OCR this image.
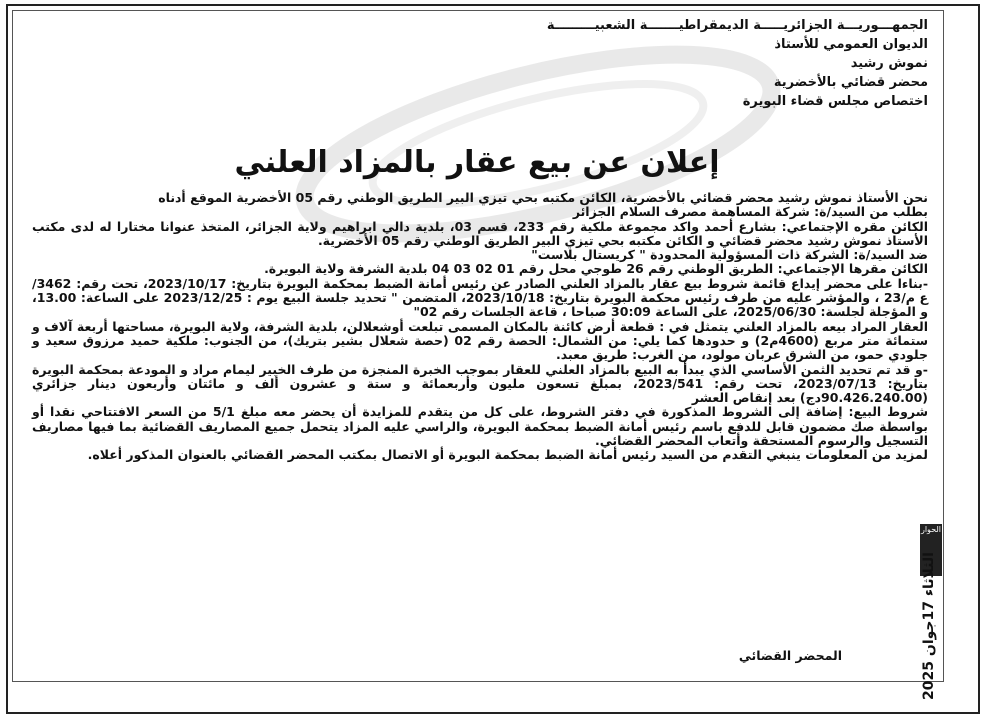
الجمهـــوريـــة الجزائريـــــة الديمقراطيـــــــة الشعبيـــــــــة
الديوان العمومي للأستاذ
نموش رشيد
محضر قضائي بالأخضرية
اختصاص مجلس قضاء البويرة
إعلان عن بيع عقار بالمزاد العلني

نحن الأستاذ نموش رشيد محضر قضائي بالأخضرية، الكائن مكتبه بحي تيزي البير الطريق الوطني رقم 05 الأخضرية الموقع أدناه

بطلب من السيد/ة: شركة المساهمة مصرف السلام الجزائر

الكائن مقره الإجتماعي: بشارع أحمد واكد مجموعة ملكية رقم 233، قسم 03، بلدية دالي ابراهيم ولاية الجزائر، المتخذ عنوانا مختارا له لدى مكتب الأستاذ نموش رشيد محضر قضائي و الكائن مكتبه بحي تيزي البير الطريق الوطني رقم 05 الأخضرية.

ضد السيد/ة: الشركة ذات المسؤولية المحدودة " كريستال بلاست"

الكائن مقرها الإجتماعي: الطريق الوطني رقم 26 طوجي محل رقم 01 02 03 04 بلدية الشرفة ولاية البويرة.

-بناءا على محضر إيداع قائمة شروط بيع عقار بالمزاد العلني الصادر عن رئيس أمانة الضبط بمحكمة البويرة بتاريخ: 2023/10/17، تحت رقم: 3462/ ع م/23 ، والمؤشر عليه من طرف رئيس محكمة البويرة بتاريخ: 2023/10/18، المتضمن " تحديد جلسة البيع يوم : 2023/12/25 على الساعة: 13.00، و المؤجلة لجلسة: 2025/06/30، على الساعة 30:09 صباحا ، قاعة الجلسات رقم 02"

العقار المراد بيعه بالمزاد العلني يتمثل في : قطعة أرض كائنة بالمكان المسمى تبلعت أوشعلالن، بلدية الشرفة، ولاية البويرة، مساحتها أربعة آلاف و ستمائة متر مربع (4600م2) و حدودها كما يلي: من الشمال: الحصة رقم 02 (حصة شعلال بشير بتريك)، من الجنوب: ملكية حميد مرزوق سعيد و جلودي حمو، من الشرق عربان مولود، من الغرب: طريق معبد.

-و قد تم تحديد الثمن الأساسي الذي يبدأ به البيع بالمزاد العلني للعقار بموجب الخبرة المنجزة من طرف الخبير ليمام مراد و المودعة بمحكمة البويرة بتاريخ: 2023/07/13، تحت رقم: 2023/541، بمبلغ تسعون مليون وأربعمائة و ستة و عشرون ألف و مائتان وأربعون دينار جزائري (90.426.240.00دج) بعد إنقاص العشر

شروط البيع: إضافة إلى الشروط المذكورة في دفتر الشروط، على كل من يتقدم للمزايدة أن يحضر معه مبلغ 5/1 من السعر الافتتاحي نقدا أو بواسطة صك مضمون قابل للدفع باسم رئيس أمانة الضبط بمحكمة البويرة، والراسي عليه المزاد يتحمل جميع المصاريف القضائية بما فيها مصاريف التسجيل والرسوم المستحقة وأتعاب المحضر القضائي.

لمزيد من المعلومات ينبغي التقدم من السيد رئيس أمانة الضبط بمحكمة البويرة أو الاتصال بمكتب المحضر القضائي بالعنوان المذكور أعلاه.

المحضر القضائي
الحوار
الثلاثاء 17جوان 2025
